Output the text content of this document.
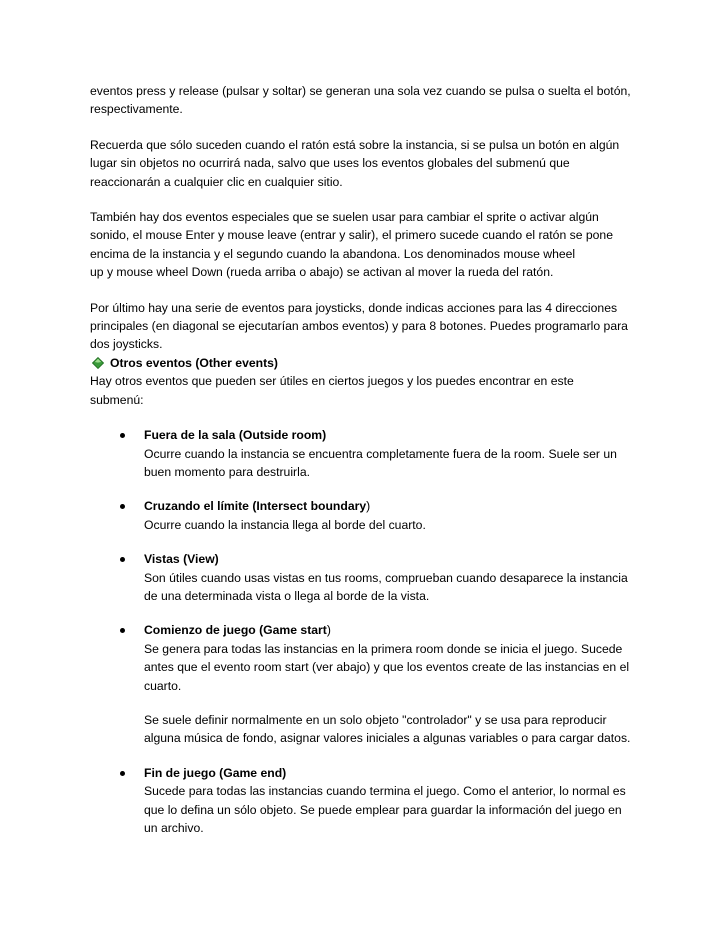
eventos press y release (pulsar y soltar) se generan una sola vez cuando se pulsa o suelta el botón,
respectivamente.

Recuerda que sólo suceden cuando el ratón está sobre la instancia, si se pulsa un botón en algún
lugar sin objetos no ocurrirá nada, salvo que uses los eventos globales del submenú que
reaccionarán a cualquier clic en cualquier sitio.

También hay dos eventos especiales que se suelen usar para cambiar el sprite o activar algún
sonido, el mouse Enter y mouse leave (entrar y salir), el primero sucede cuando el ratón se pone
encima de la instancia y el segundo cuando la abandona. Los denominados mouse wheel
up y mouse wheel Down (rueda arriba o abajo) se activan al mover la rueda del ratón.

Por último hay una serie de eventos para joysticks, donde indicas acciones para las 4 direcciones
principales (en diagonal se ejecutarían ambos eventos) y para 8 botones. Puedes programarlo para
dos joysticks.

Otros eventos (Other events)

Hay otros eventos que pueden ser útiles en ciertos juegos y los puedes encontrar en este
submenú:

Fuera de la sala (Outside room)
Ocurre cuando la instancia se encuentra completamente fuera de la room. Suele ser un
buen momento para destruirla.
Cruzando el límite (Intersect boundary)
Ocurre cuando la instancia llega al borde del cuarto.
Vistas (View)
Son útiles cuando usas vistas en tus rooms, comprueban cuando desaparece la instancia
de una determinada vista o llega al borde de la vista.
Comienzo de juego (Game start)
Se genera para todas las instancias en la primera room donde se inicia el juego. Sucede
antes que el evento room start (ver abajo) y que los eventos create de las instancias en el
cuarto.
Se suele definir normalmente en un solo objeto "controlador" y se usa para reproducir
alguna música de fondo, asignar valores iniciales a algunas variables o para cargar datos.
Fin de juego (Game end)
Sucede para todas las instancias cuando termina el juego. Como el anterior, lo normal es
que lo defina un sólo objeto. Se puede emplear para guardar la información del juego en
un archivo.
